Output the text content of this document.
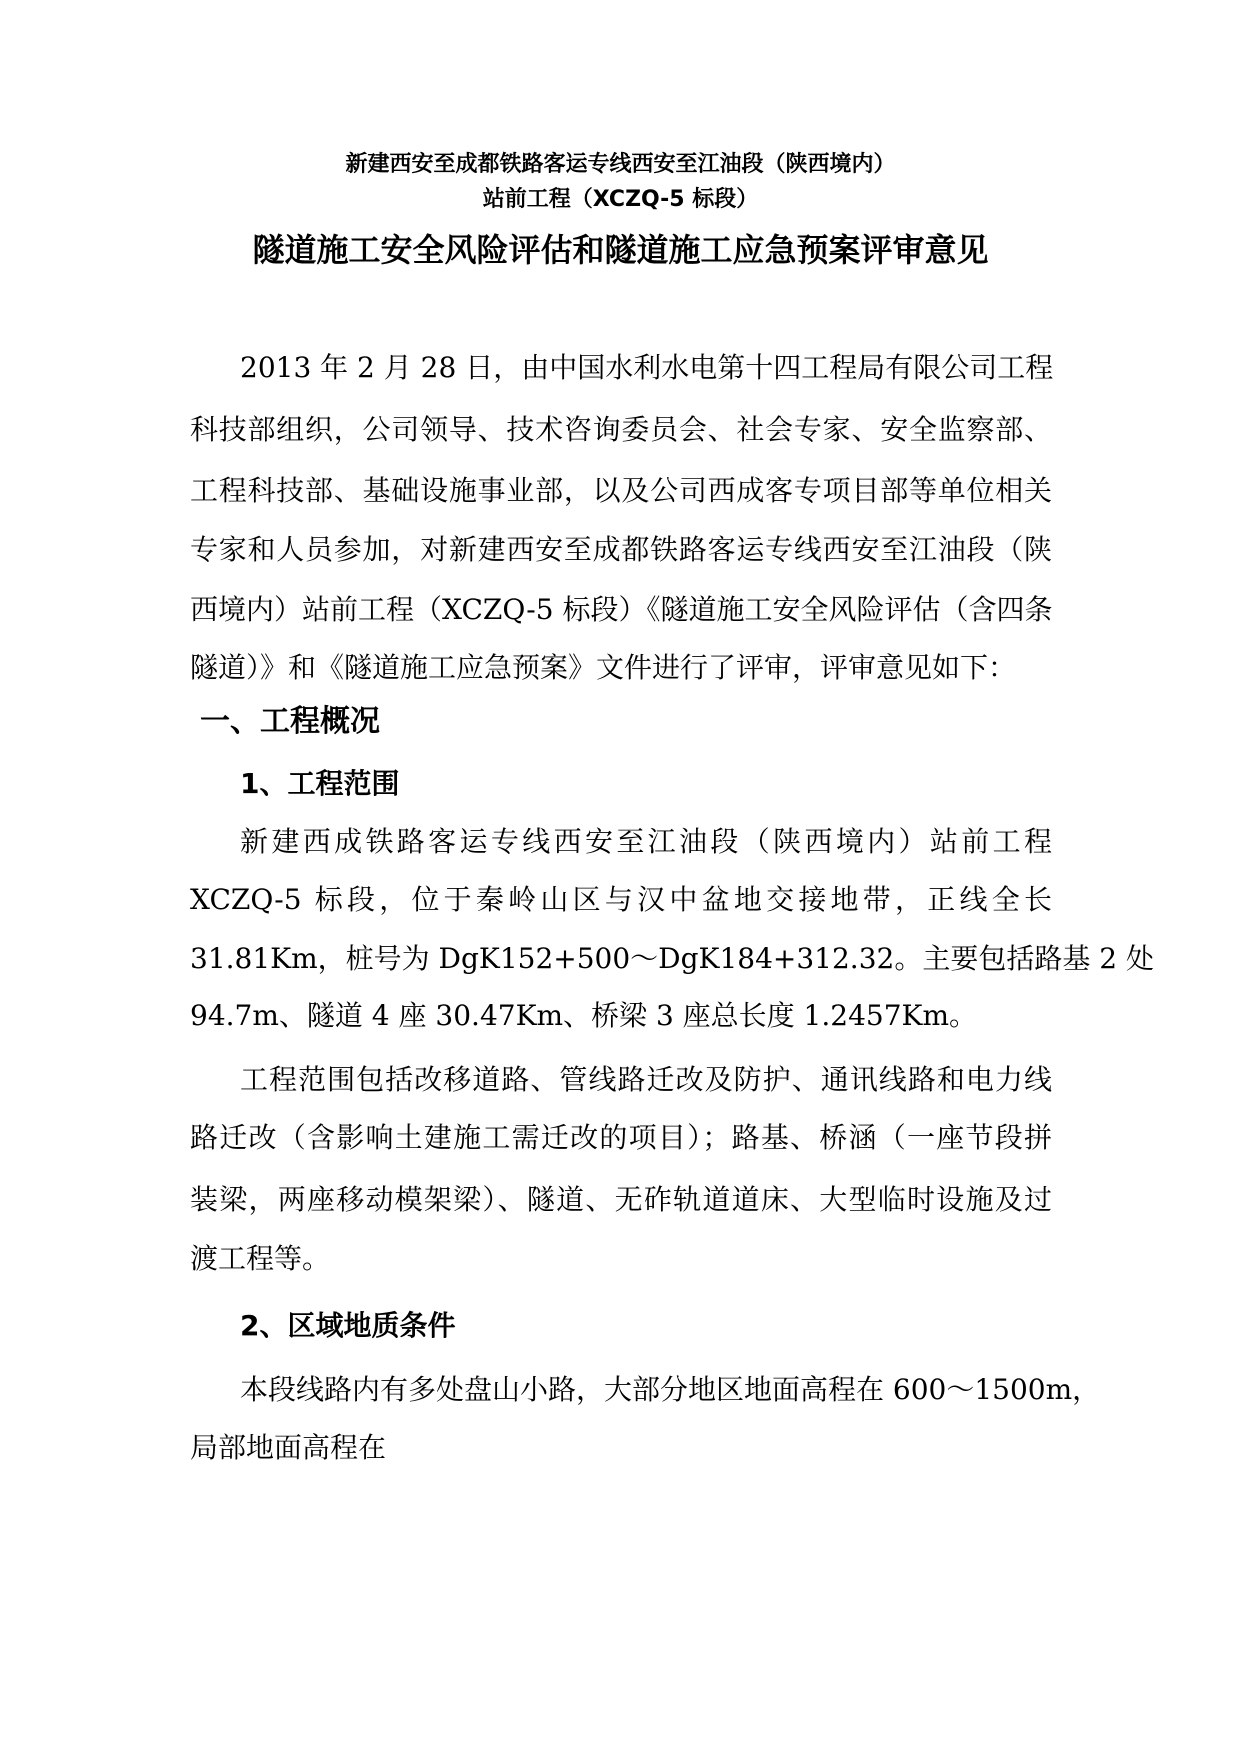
新建西安至成都铁路客运专线西安至江油段（陕西境内）
站前工程（XCZQ-5 标段）
隧道施工安全风险评估和隧道施工应急预案评审意见
2013 年 2 月 28 日，由中国水利水电第十四工程局有限公司工程
科技部组织，公司领导、技术咨询委员会、社会专家、安全监察部、
工程科技部、基础设施事业部，以及公司西成客专项目部等单位相关
专家和人员参加，对新建西安至成都铁路客运专线西安至江油段（陕
西境内）站前工程（XCZQ-5 标段）《隧道施工安全风险评估（含四条
隧道）》和《隧道施工应急预案》文件进行了评审，评审意见如下：
一、工程概况
1、工程范围
新建西成铁路客运专线西安至江油段（陕西境内）站前工程
XCZQ-5 标段，位于秦岭山区与汉中盆地交接地带，正线全长
31.81Km，桩号为 DgK152+500～DgK184+312.32。主要包括路基 2 处
94.7m、隧道 4 座 30.47Km、桥梁 3 座总长度 1.2457Km。
工程范围包括改移道路、管线路迁改及防护、通讯线路和电力线
路迁改（含影响土建施工需迁改的项目）；路基、桥涵（一座节段拼
装梁，两座移动模架梁）、隧道、无砟轨道道床、大型临时设施及过
渡工程等。
2、区域地质条件
本段线路内有多处盘山小路，大部分地区地面高程在 600～1500m，
局部地面高程在
